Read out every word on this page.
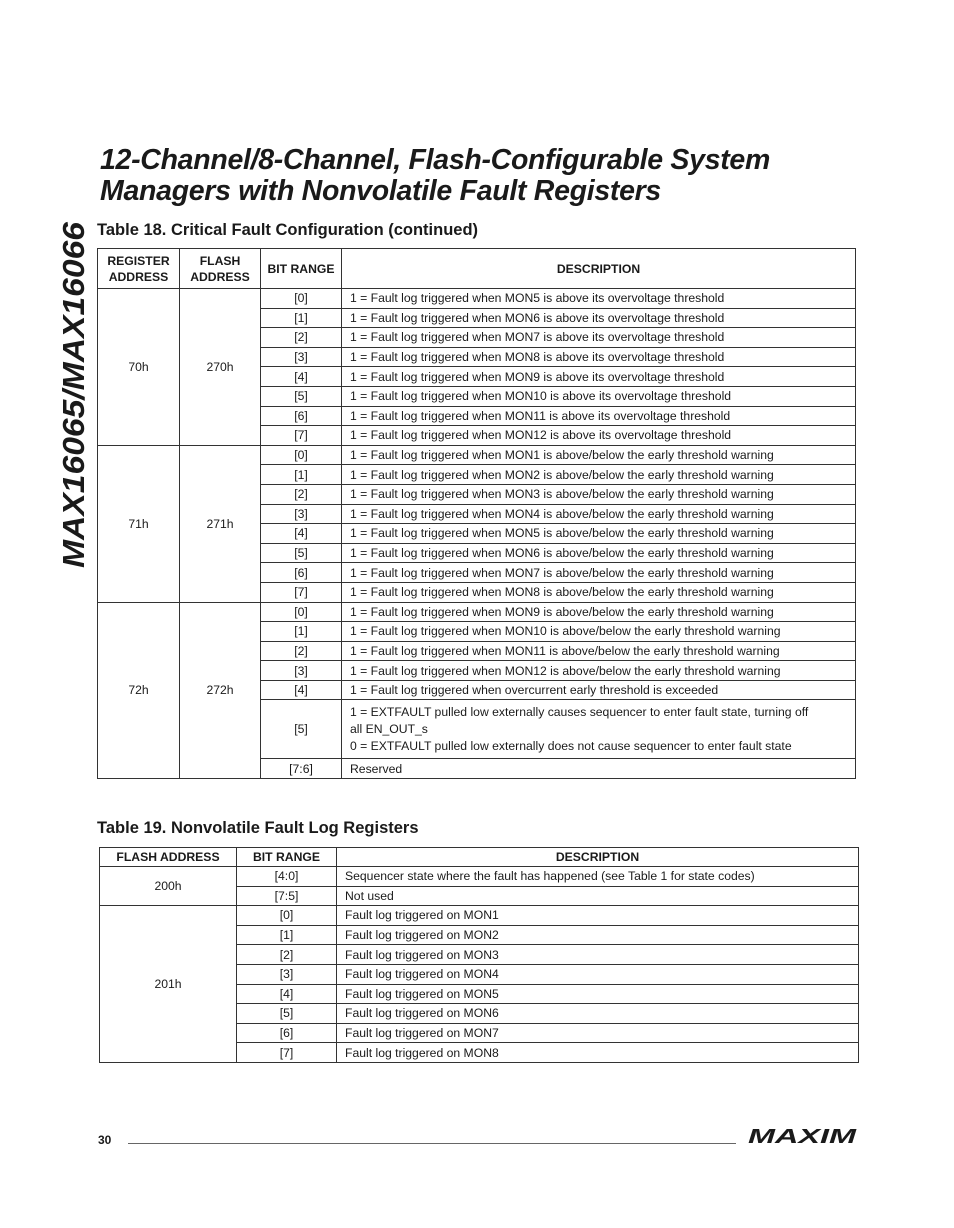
MAX16065/MAX16066
12-Channel/8-Channel, Flash-Configurable System
Managers with Nonvolatile Fault Registers
Table 18. Critical Fault Configuration (continued)
REGISTER ADDRESS	FLASH ADDRESS	BIT RANGE	DESCRIPTION
70h	270h	[0]	1 = Fault log triggered when MON5 is above its overvoltage threshold
		[1]	1 = Fault log triggered when MON6 is above its overvoltage threshold
		[2]	1 = Fault log triggered when MON7 is above its overvoltage threshold
		[3]	1 = Fault log triggered when MON8 is above its overvoltage threshold
		[4]	1 = Fault log triggered when MON9 is above its overvoltage threshold
		[5]	1 = Fault log triggered when MON10 is above its overvoltage threshold
		[6]	1 = Fault log triggered when MON11 is above its overvoltage threshold
		[7]	1 = Fault log triggered when MON12 is above its overvoltage threshold
71h	271h	[0]	1 = Fault log triggered when MON1 is above/below the early threshold warning
		[1]	1 = Fault log triggered when MON2 is above/below the early threshold warning
		[2]	1 = Fault log triggered when MON3 is above/below the early threshold warning
		[3]	1 = Fault log triggered when MON4 is above/below the early threshold warning
		[4]	1 = Fault log triggered when MON5 is above/below the early threshold warning
		[5]	1 = Fault log triggered when MON6 is above/below the early threshold warning
		[6]	1 = Fault log triggered when MON7 is above/below the early threshold warning
		[7]	1 = Fault log triggered when MON8 is above/below the early threshold warning
72h	272h	[0]	1 = Fault log triggered when MON9 is above/below the early threshold warning
		[1]	1 = Fault log triggered when MON10 is above/below the early threshold warning
		[2]	1 = Fault log triggered when MON11 is above/below the early threshold warning
		[3]	1 = Fault log triggered when MON12 is above/below the early threshold warning
		[4]	1 = Fault log triggered when overcurrent early threshold is exceeded
		[5]	1 = EXTFAULT pulled low externally causes sequencer to enter fault state, turning off
all EN_OUT_s
0 = EXTFAULT pulled low externally does not cause sequencer to enter fault state

		[7:6]	Reserved
Table 19. Nonvolatile Fault Log Registers
FLASH ADDRESS	BIT RANGE	DESCRIPTION
200h	[4:0]	Sequencer state where the fault has happened (see Table 1 for state codes)
	[7:5]	Not used
201h	[0]	Fault log triggered on MON1
	[1]	Fault log triggered on MON2
	[2]	Fault log triggered on MON3
	[3]	Fault log triggered on MON4
	[4]	Fault log triggered on MON5
	[5]	Fault log triggered on MON6
	[6]	Fault log triggered on MON7
	[7]	Fault log triggered on MON8
30	MAXIM
